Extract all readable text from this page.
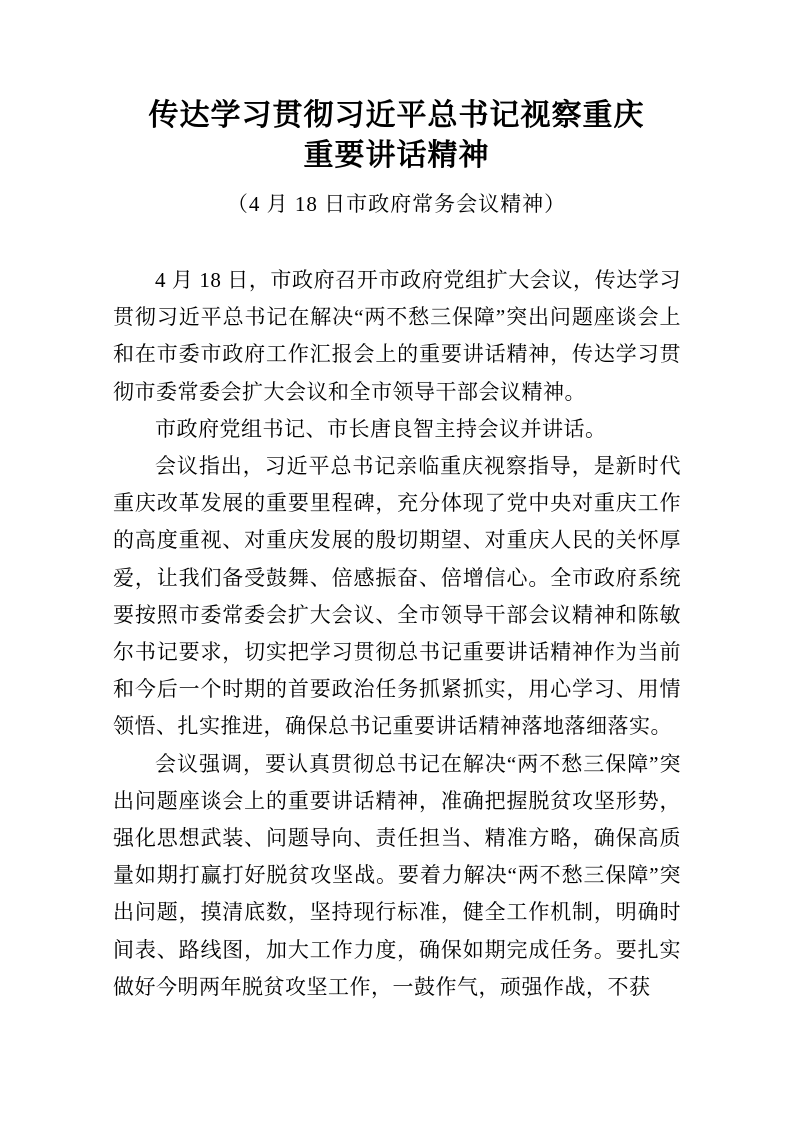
传达学习贯彻习近平总书记视察重庆
重要讲话精神
（4 月 18 日市政府常务会议精神）

4 月 18 日，市政府召开市政府党组扩大会议，传达学习贯彻习近平总书记在解决“两不愁三保障”突出问题座谈会上和在市委市政府工作汇报会上的重要讲话精神，传达学习贯彻市委常委会扩大会议和全市领导干部会议精神。

市政府党组书记、市长唐良智主持会议并讲话。

会议指出，习近平总书记亲临重庆视察指导，是新时代重庆改革发展的重要里程碑，充分体现了党中央对重庆工作的高度重视、对重庆发展的殷切期望、对重庆人民的关怀厚爱，让我们备受鼓舞、倍感振奋、倍增信心。全市政府系统要按照市委常委会扩大会议、全市领导干部会议精神和陈敏尔书记要求，切实把学习贯彻总书记重要讲话精神作为当前和今后一个时期的首要政治任务抓紧抓实，用心学习、用情领悟、扎实推进，确保总书记重要讲话精神落地落细落实。

会议强调，要认真贯彻总书记在解决“两不愁三保障”突出问题座谈会上的重要讲话精神，准确把握脱贫攻坚形势，强化思想武装、问题导向、责任担当、精准方略，确保高质量如期打赢打好脱贫攻坚战。要着力解决“两不愁三保障”突出问题，摸清底数，坚持现行标准，健全工作机制，明确时间表、路线图，加大工作力度，确保如期完成任务。要扎实做好今明两年脱贫攻坚工作，一鼓作气，顽强作战，不获
